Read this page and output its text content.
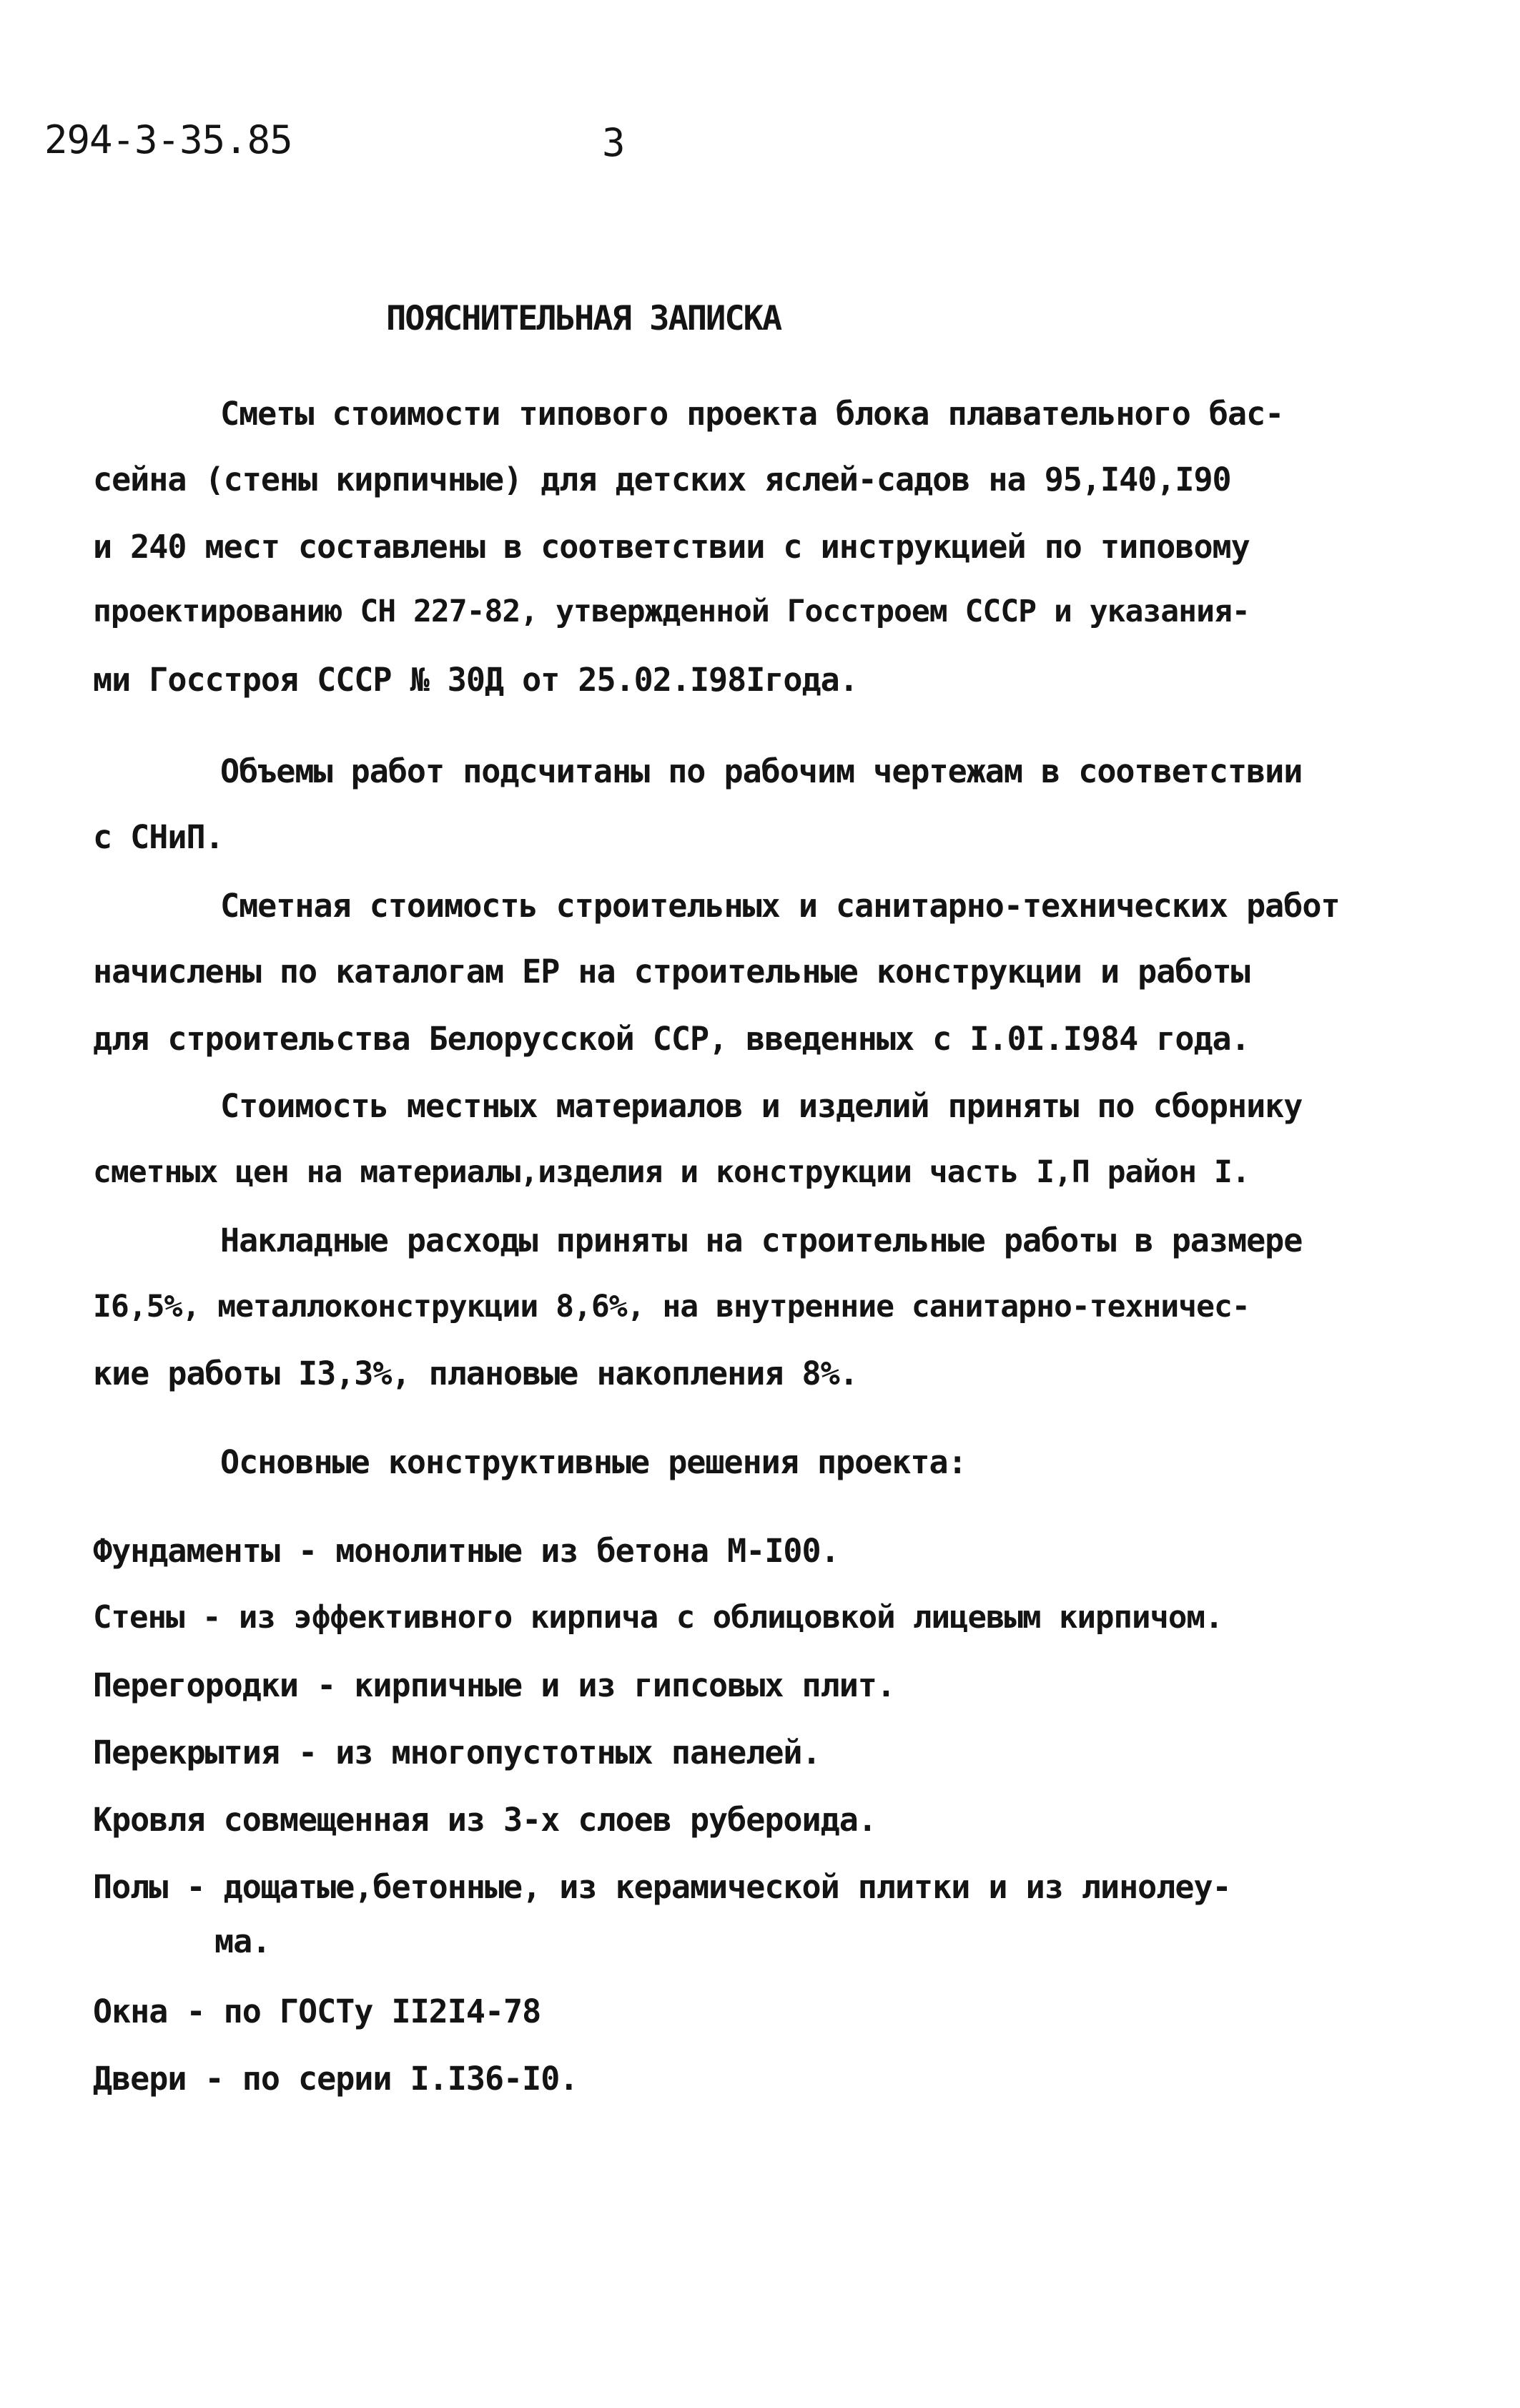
294-3-35.85	3
ПОЯСНИТЕЛЬНАЯ ЗАПИСКА
Сметы стоимости типового проекта блока плавательного бас-
сейна (стены кирпичные) для детских яслей-садов на 95,I40,I90
и 240 мест составлены в соответствии с инструкцией по типовому
проектированию СН 227-82, утвержденной Госстроем СССР и указания-
ми Госстроя СССР № 30Д от 25.02.I98Iгода.
Объемы работ подсчитаны по рабочим чертежам в соответствии
с СНиП.
Сметная стоимость строительных и санитарно-технических работ
начислены по каталогам ЕР на строительные конструкции и работы
для строительства Белорусской ССР, введенных с I.0I.I984 года.
Стоимость местных материалов и изделий приняты по сборнику
сметных цен на материалы,изделия и конструкции часть I,П район I.
Накладные расходы приняты на строительные работы в размере
I6,5%, металлоконструкции 8,6%, на внутренние санитарно-техничес-
кие работы I3,3%, плановые накопления 8%.
Основные конструктивные решения проекта:
Фундаменты - монолитные из бетона М-I00.
Стены - из эффективного кирпича с облицовкой лицевым кирпичом.
Перегородки - кирпичные и из гипсовых плит.
Перекрытия - из многопустотных панелей.
Кровля совмещенная из 3-х слоев рубероида.
Полы - дощатые,бетонные, из керамической плитки и из линолеу-
ма.
Окна - по ГОСТу II2I4-78
Двери - по серии I.I36-I0.
